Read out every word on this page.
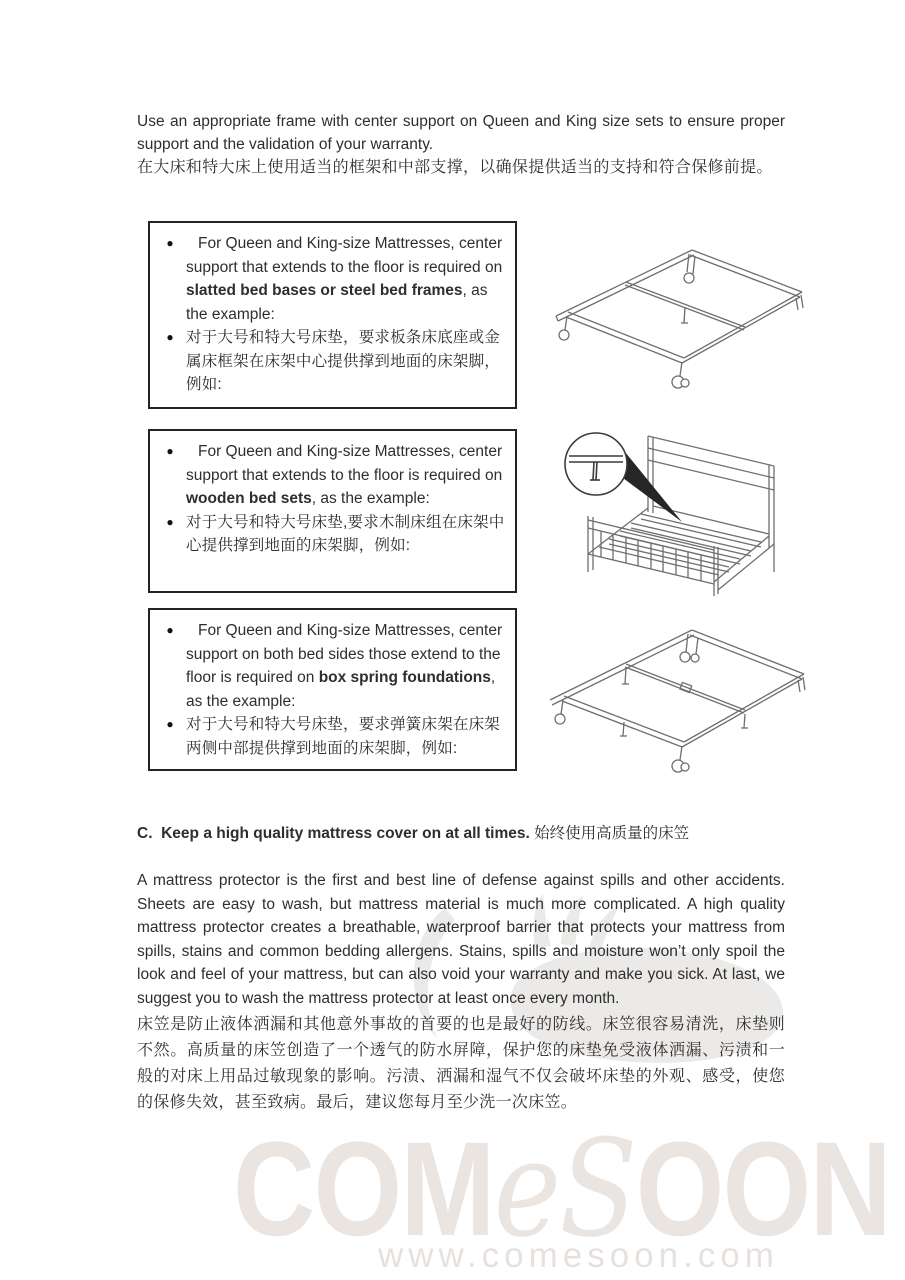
COMeSOON
www.comesoon.com
Use an appropriate frame with center support on Queen and King size sets to ensure proper support and the validation of your warranty.
在大床和特大床上使用适当的框架和中部支撑，以确保提供适当的支持和符合保修前提。
●	For Queen and King-size Mattresses, center support that extends to the floor is required on slatted bed bases or steel bed frames, as the example:
● 对于大号和特大号床垫，要求板条床底座或金属床框架在床架中心提供撑到地面的床架脚，例如:
●	For Queen and King-size Mattresses, center support that extends to the floor is required on wooden bed sets, as the example:
● 对于大号和特大号床垫,要求木制床组在床架中心提供撑到地面的床架脚，例如:
●	For Queen and King-size Mattresses, center support on both bed sides those extend to the floor is required on box spring foundations, as the example:
● 对于大号和特大号床垫，要求弹簧床架在床架两侧中部提供撑到地面的床架脚，例如:
C.  Keep a high quality mattress cover on at all times. 始终使用高质量的床笠
A mattress protector is the first and best line of defense against spills and other accidents. Sheets are easy to wash, but mattress material is much more complicated. A high quality mattress protector creates a breathable, waterproof barrier that protects your mattress from spills, stains and common bedding allergens. Stains, spills and moisture won’t only spoil the look and feel of your mattress, but can also void your warranty and make you sick. At last, we suggest you to wash the mattress protector at least once every month.
床笠是防止液体洒漏和其他意外事故的首要的也是最好的防线。床笠很容易清洗，床垫则不然。高质量的床笠创造了一个透气的防水屏障，保护您的床垫免受液体洒漏、污渍和一般的对床上用品过敏现象的影响。污渍、洒漏和湿气不仅会破坏床垫的外观、感受，使您的保修失效，甚至致病。最后，建议您每月至少洗一次床笠。
